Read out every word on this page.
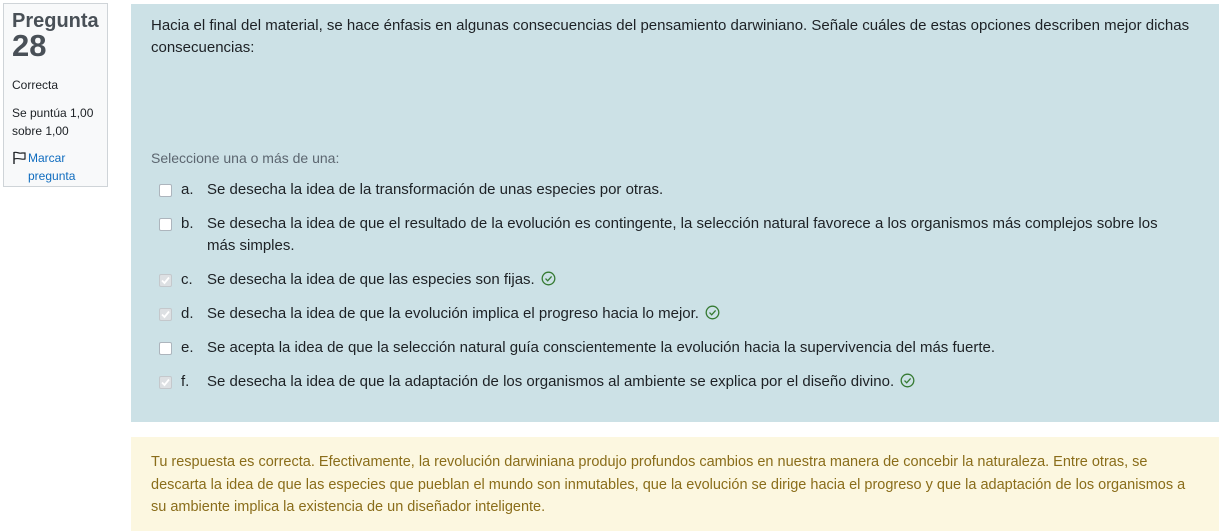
Pregunta
28
Correcta
Se puntúa 1,00 sobre 1,00
Marcar pregunta
Hacia el final del material, se hace énfasis en algunas consecuencias del pensamiento darwiniano. Señale cuáles de estas opciones describen mejor dichas consecuencias:
Seleccione una o más de una:
a. Se desecha la idea de la transformación de unas especies por otras.
b. Se desecha la idea de que el resultado de la evolución es contingente, la selección natural favorece a los organismos más complejos sobre los más simples.
c. Se desecha la idea de que las especies son fijas.
d. Se desecha la idea de que la evolución implica el progreso hacia lo mejor.
e. Se acepta la idea de que la selección natural guía conscientemente la evolución hacia la supervivencia del más fuerte.
f.	Se desecha la idea de que la adaptación de los organismos al ambiente se explica por el diseño divino.
Tu respuesta es correcta. Efectivamente, la revolución darwiniana produjo profundos cambios en nuestra manera de concebir la naturaleza. Entre otras, se descarta la idea de que las especies que pueblan el mundo son inmutables, que la evolución se dirige hacia el progreso y que la adaptación de los organismos a su ambiente implica la existencia de un diseñador inteligente.
